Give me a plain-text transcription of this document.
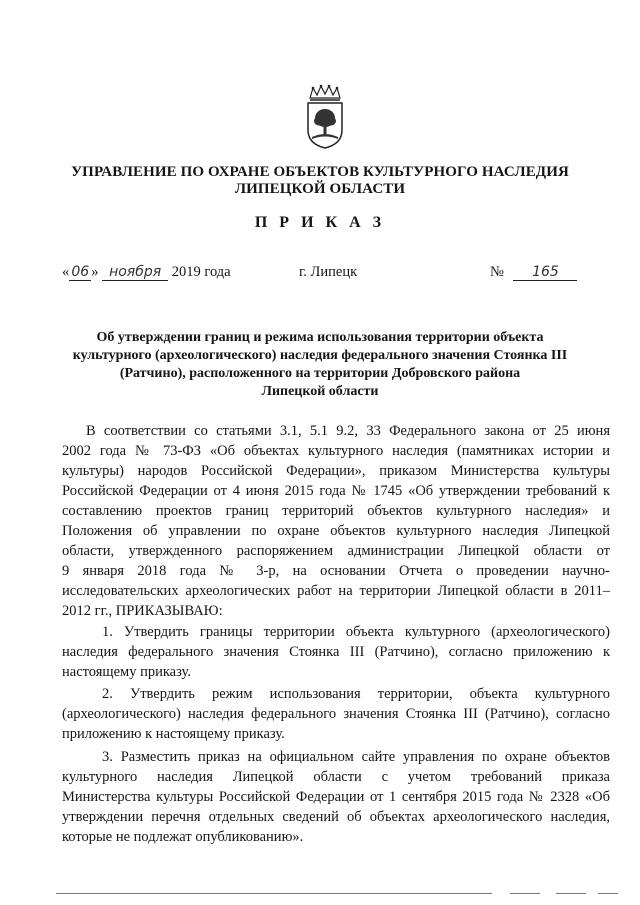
УПРАВЛЕНИЕ ПО ОХРАНЕ ОБЪЕКТОВ КУЛЬТУРНОГО НАСЛЕДИЯ
ЛИПЕЦКОЙ ОБЛАСТИ
П Р И К А З
« 06 » ноября 2019 года	г. Липецк	№ 165
Об утверждении границ и режима использования территории объекта
культурного (археологического) наследия федерального значения Стоянка III
(Ратчино), расположенного на территории Добровского района
Липецкой области
В соответствии со статьями 3.1, 5.1 9.2, 33 Федерального закона от 25 июня
2002 года № 73-ФЗ «Об объектах культурного наследия (памятниках истории и
культуры) народов Российской Федерации», приказом Министерства культуры
Российской Федерации от 4 июня 2015 года № 1745 «Об утверждении требований к
составлению проектов границ территорий объектов культурного наследия» и
Положения об управлении по охране объектов культурного наследия Липецкой
области, утвержденного распоряжением администрации Липецкой области от
9 января 2018 года № 3-р, на основании Отчета о проведении научно-
исследовательских археологических работ на территории Липецкой области в 2011–
2012 гг., ПРИКАЗЫВАЮ:
1. Утвердить границы территории объекта культурного (археологического)
наследия федерального значения Стоянка III (Ратчино), согласно приложению к
настоящему приказу.
2. Утвердить режим использования территории, объекта культурного
(археологического) наследия федерального значения Стоянка III (Ратчино), согласно
приложению к настоящему приказу.
3. Разместить приказ на официальном сайте управления по охране объектов
культурного наследия Липецкой области с учетом требований приказа
Министерства культуры Российской Федерации от 1 сентября 2015 года № 2328 «Об
утверждении перечня отдельных сведений об объектах археологического наследия,
которые не подлежат опубликованию».
